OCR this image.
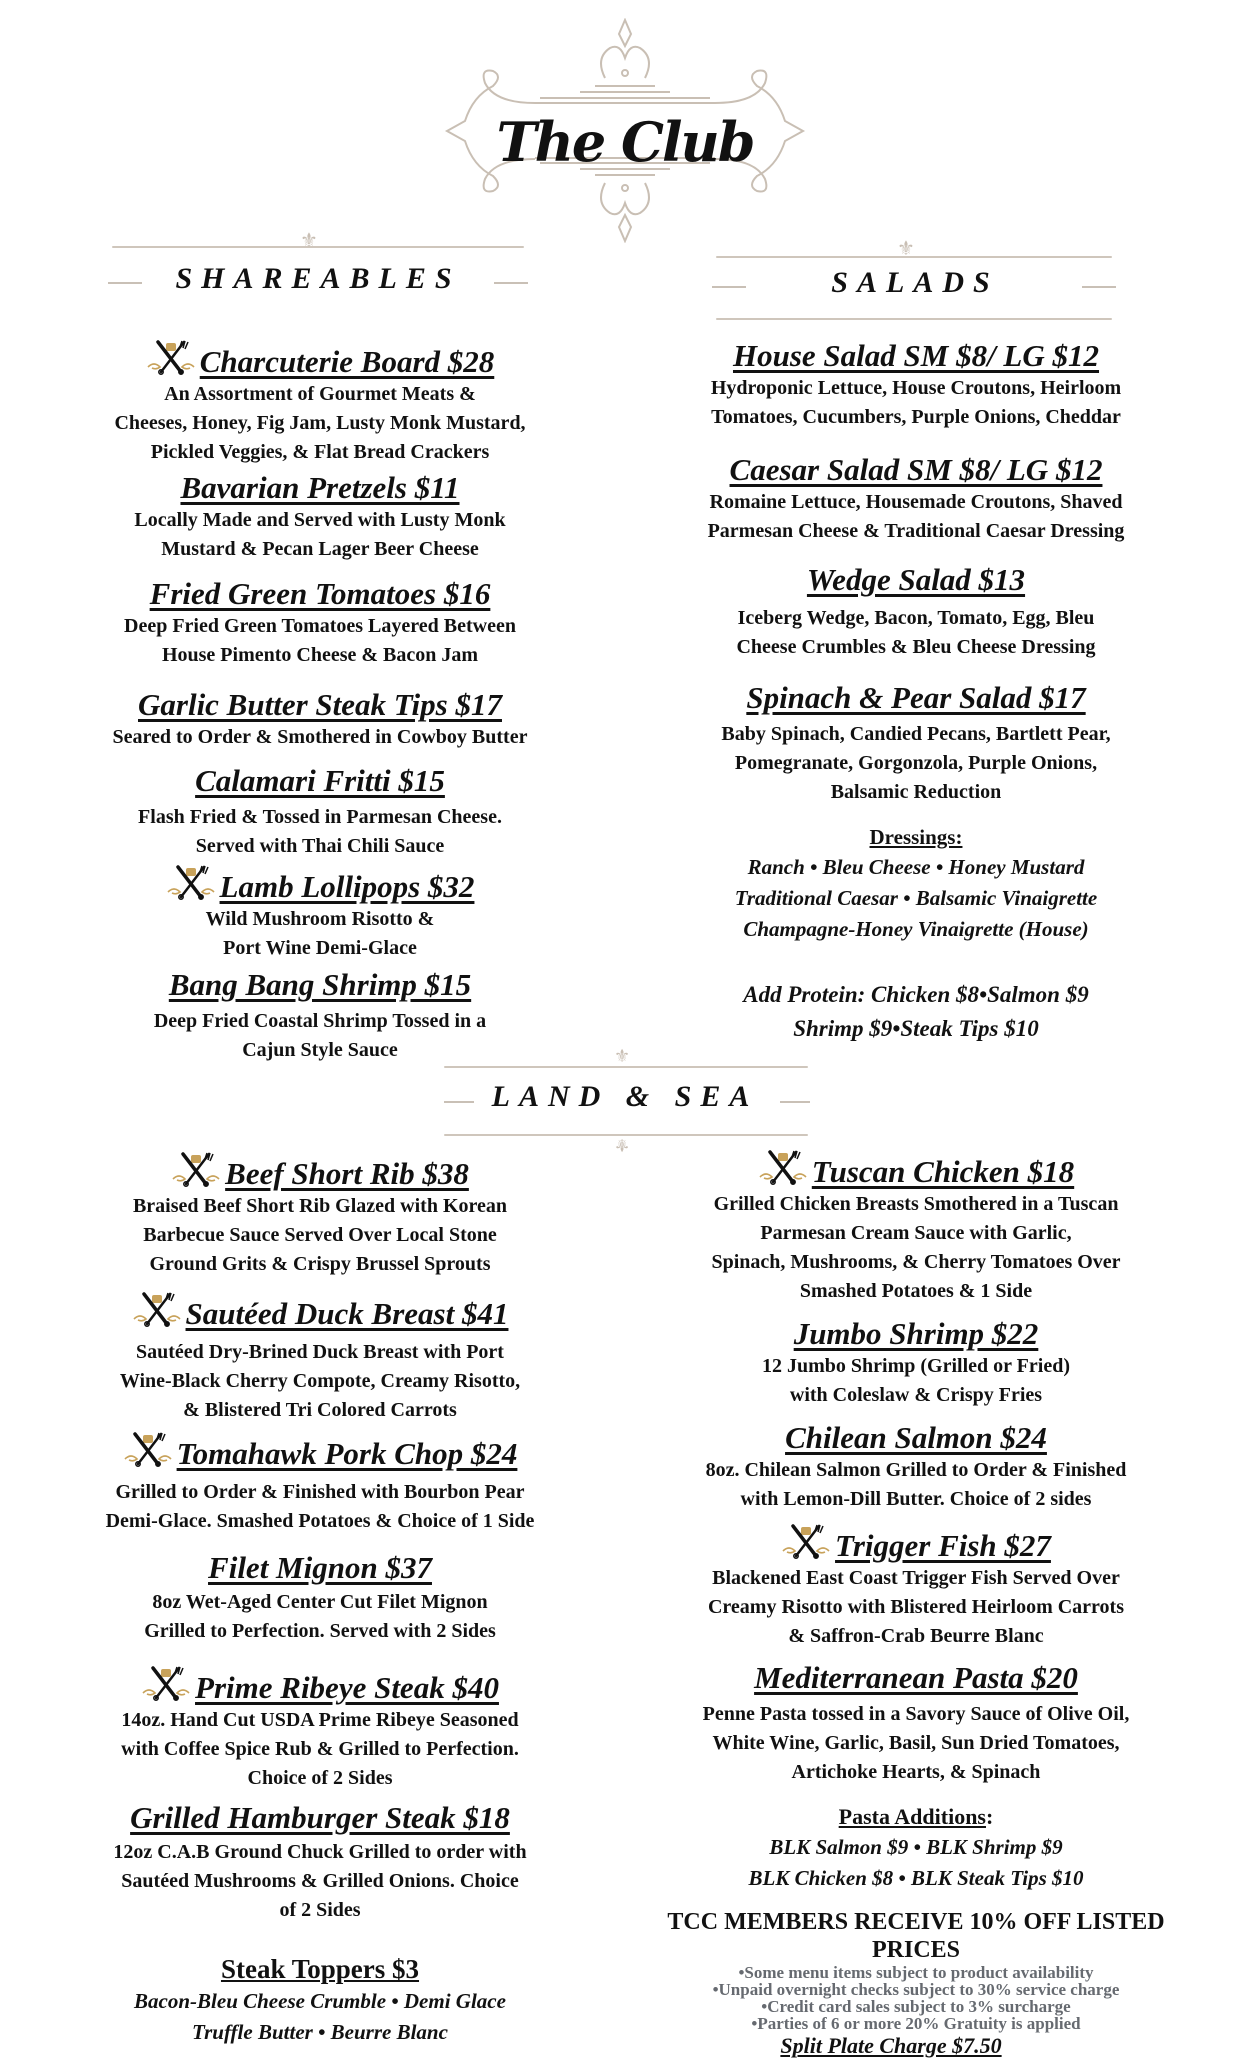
The Club
⚜
SHAREABLES
⚜
SALADS
Charcuterie Board $28
An Assortment of Gourmet Meats &
Cheeses, Honey, Fig Jam, Lusty Monk Mustard,
Pickled Veggies, & Flat Bread Crackers
Bavarian Pretzels $11
Locally Made and Served with Lusty Monk
Mustard & Pecan Lager Beer Cheese
Fried Green Tomatoes $16
Deep Fried Green Tomatoes Layered Between
House Pimento Cheese & Bacon Jam
Garlic Butter Steak Tips $17
Seared to Order & Smothered in Cowboy Butter
Calamari Fritti $15
Flash Fried & Tossed in Parmesan Cheese.
Served with Thai Chili Sauce
Lamb Lollipops $32
Wild Mushroom Risotto &
Port Wine Demi-Glace
Bang Bang Shrimp $15
Deep Fried Coastal Shrimp Tossed in a
Cajun Style Sauce
House Salad SM $8/ LG $12
Hydroponic Lettuce, House Croutons, Heirloom
Tomatoes, Cucumbers, Purple Onions, Cheddar
Caesar Salad SM $8/ LG $12
Romaine Lettuce, Housemade Croutons, Shaved
Parmesan Cheese & Traditional Caesar Dressing
Wedge Salad $13
Iceberg Wedge, Bacon, Tomato, Egg, Bleu
Cheese Crumbles & Bleu Cheese Dressing
Spinach & Pear Salad $17
Baby Spinach, Candied Pecans, Bartlett Pear,
Pomegranate, Gorgonzola, Purple Onions,
Balsamic Reduction
Dressings:
Ranch • Bleu Cheese • Honey Mustard
Traditional Caesar • Balsamic Vinaigrette
Champagne-Honey Vinaigrette (House)
Add Protein: Chicken $8•Salmon $9
Shrimp $9•Steak Tips $10
⚜
LAND & SEA
⚜
Beef Short Rib $38
Braised Beef Short Rib Glazed with Korean
Barbecue Sauce Served Over Local Stone
Ground Grits & Crispy Brussel Sprouts
Sautéed Duck Breast $41
Sautéed Dry-Brined Duck Breast with Port
Wine-Black Cherry Compote, Creamy Risotto,
& Blistered Tri Colored Carrots
Tomahawk Pork Chop $24
Grilled to Order & Finished with Bourbon Pear
Demi-Glace. Smashed Potatoes & Choice of 1 Side
Filet Mignon $37
8oz Wet-Aged Center Cut Filet Mignon
Grilled to Perfection. Served with 2 Sides
Prime Ribeye Steak $40
14oz. Hand Cut USDA Prime Ribeye Seasoned
with Coffee Spice Rub & Grilled to Perfection.
Choice of 2 Sides
Grilled Hamburger Steak $18
12oz C.A.B Ground Chuck Grilled to order with
Sautéed Mushrooms & Grilled Onions. Choice
of 2 Sides
Steak Toppers $3
Bacon-Bleu Cheese Crumble • Demi Glace
Truffle Butter • Beurre Blanc
Tuscan Chicken $18
Grilled Chicken Breasts Smothered in a Tuscan
Parmesan Cream Sauce with Garlic,
Spinach, Mushrooms, & Cherry Tomatoes Over
Smashed Potatoes & 1 Side
Jumbo Shrimp $22
12 Jumbo Shrimp (Grilled or Fried)
with Coleslaw & Crispy Fries
Chilean Salmon $24
8oz. Chilean Salmon Grilled to Order & Finished
with Lemon-Dill Butter. Choice of 2 sides
Trigger Fish $27
Blackened East Coast Trigger Fish Served Over
Creamy Risotto with Blistered Heirloom Carrots
& Saffron-Crab Beurre Blanc
Mediterranean Pasta $20
Penne Pasta tossed in a Savory Sauce of Olive Oil,
White Wine, Garlic, Basil, Sun Dried Tomatoes,
Artichoke Hearts, & Spinach
Pasta Additions:
BLK Salmon $9 • BLK Shrimp $9
BLK Chicken $8 • BLK Steak Tips $10
TCC MEMBERS RECEIVE 10% OFF LISTED PRICES
•Some menu items subject to product availability
•Unpaid overnight checks subject to 30% service charge
•Credit card sales subject to 3% surcharge
•Parties of 6 or more 20% Gratuity is applied
Split Plate Charge $7.50
